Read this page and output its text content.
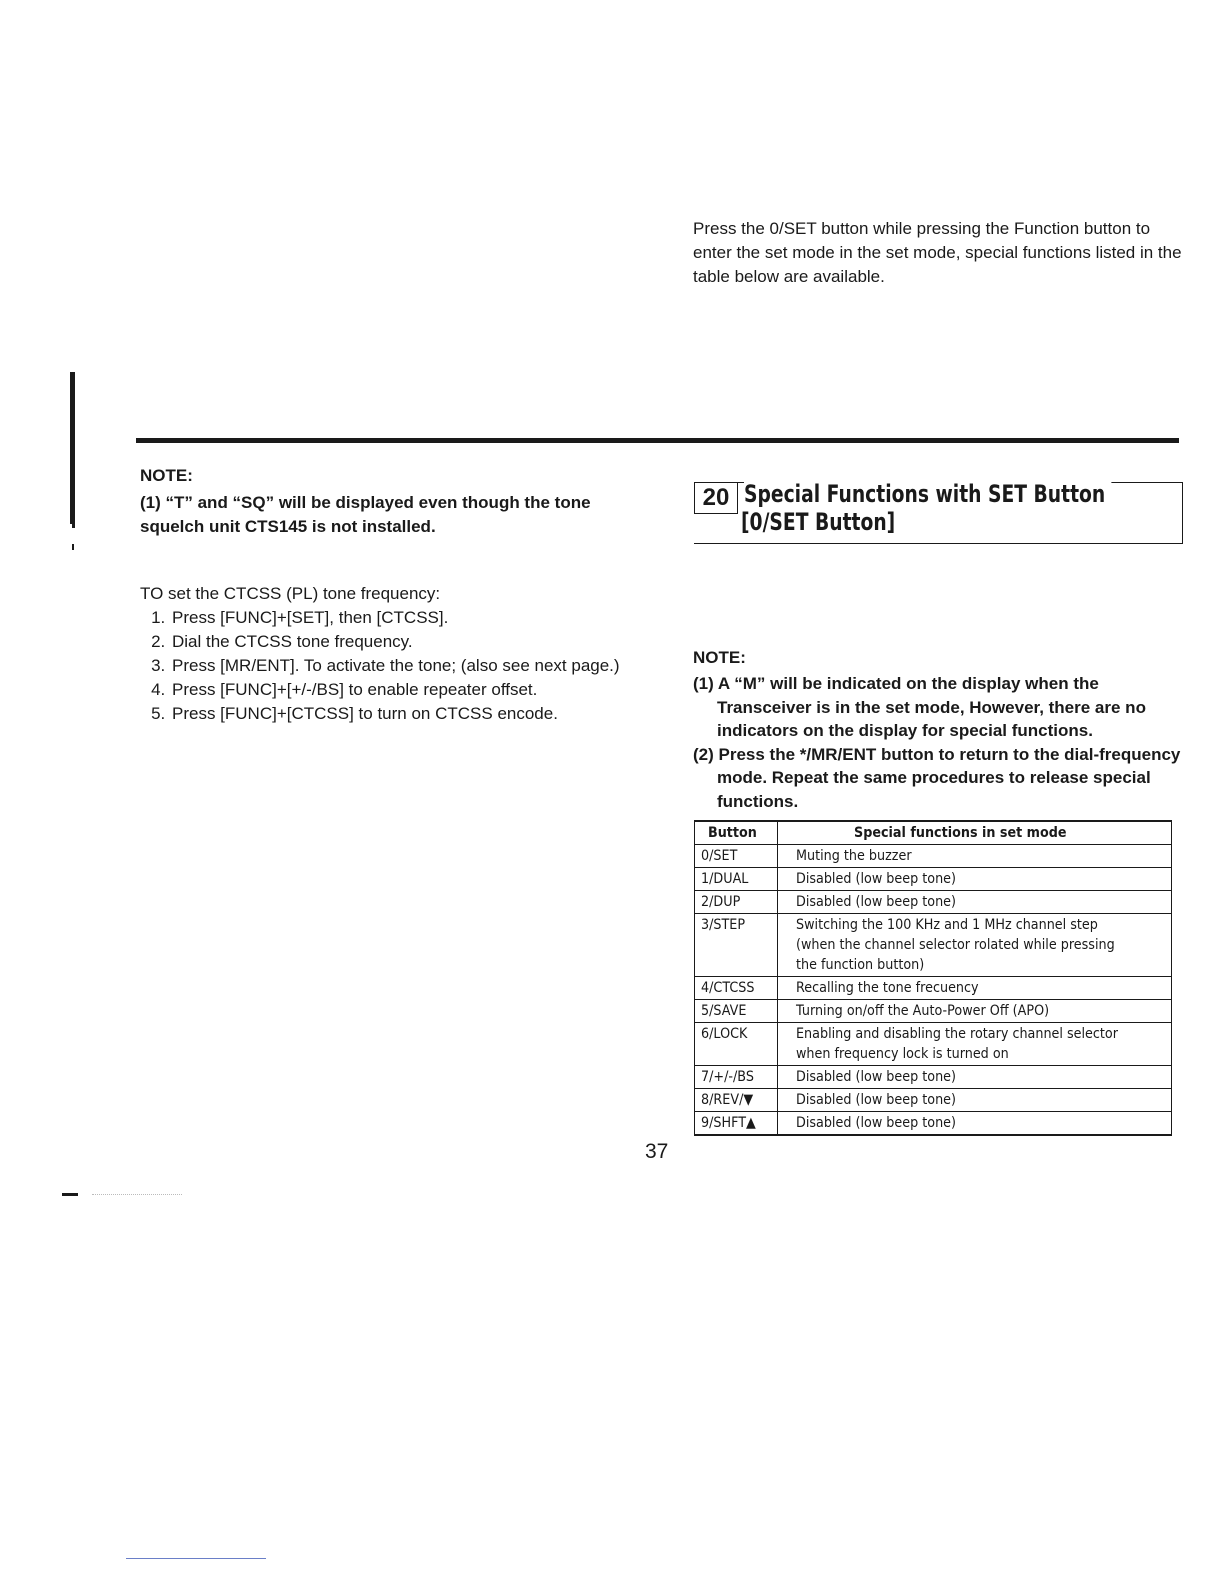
NOTE:
(1) “T” and “SQ” will be displayed even though the tone
squelch unit CTS145 is not installed.
TO set the CTCSS (PL) tone frequency:
1. Press [FUNC]+[SET], then [CTCSS].
2. Dial the CTCSS tone frequency.
3. Press [MR/ENT]. To activate the tone; (also see next page.)
4. Press [FUNC]+[+/-/BS] to enable repeater offset.
5. Press [FUNC]+[CTCSS] to turn on CTCSS encode.
20 Special Functions with SET Button
[0/SET Button]
Press the 0/SET button while pressing the Function button to enter the set mode in the set mode, special functions listed in the table below are available.
NOTE:
(1) A “M” will be indicated on the display when the Transceiver is in the set mode, However, there are no indicators on the display for special functions.
(2) Press the */MR/ENT button to return to the dial-frequency mode. Repeat the same procedures to release special functions.
Button	Special functions in set mode
0/SET	Muting the buzzer
1/DUAL	Disabled (low beep tone)
2/DUP	Disabled (low beep tone)
3/STEP	Switching the 100 KHz and 1 MHz channel step
(when the channel selector rolated while pressing
the function button)

4/CTCSS	Recalling the tone frecuency
5/SAVE	Turning on/off the Auto-Power Off (APO)
6/LOCK	Enabling and disabling the rotary channel selector
when frequency lock is turned on

7/+/-/BS	Disabled (low beep tone)
8/REV/▼	Disabled (low beep tone)
9/SHFT▲	Disabled (low beep tone)
37
